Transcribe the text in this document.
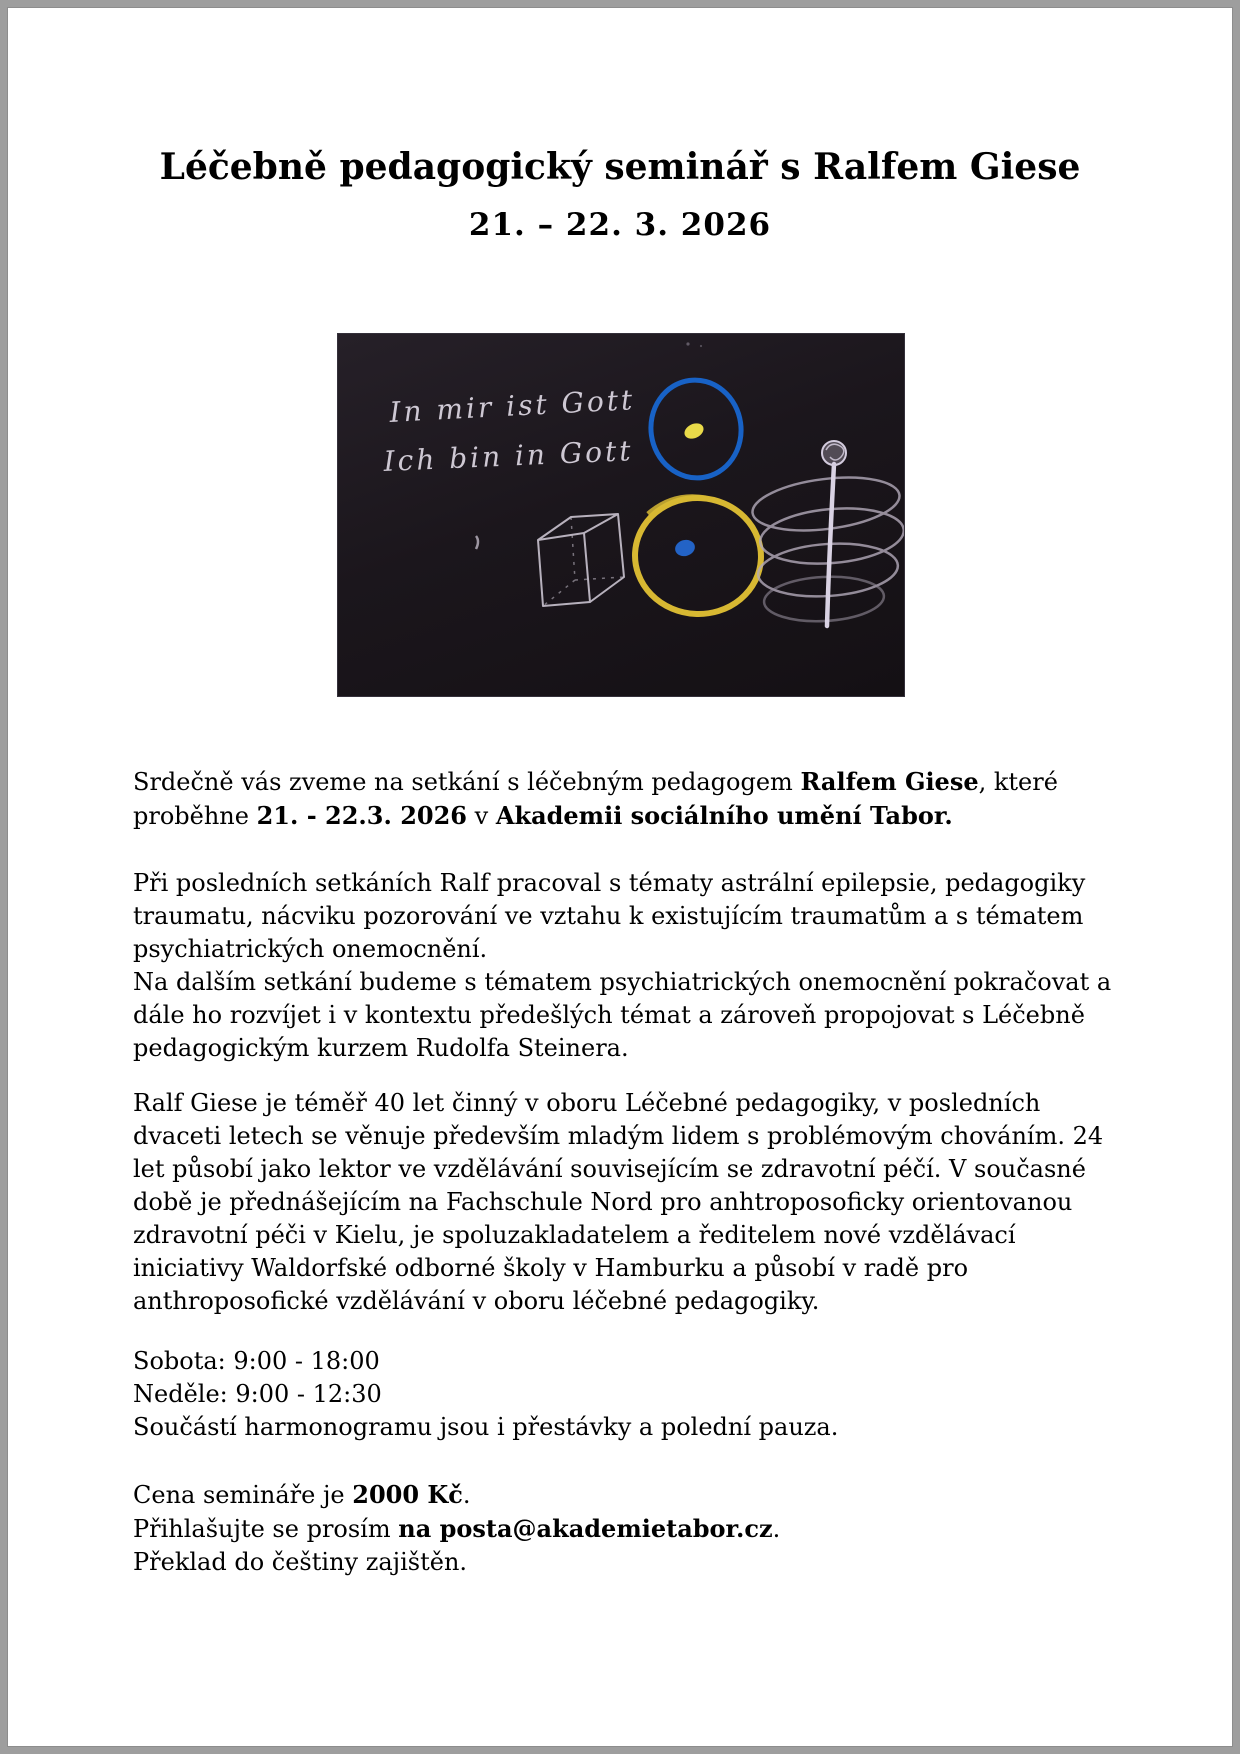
Léčebně pedagogický seminář s Ralfem Giese
21. – 22. 3. 2026
In mir ist Gott
Ich bin in Gott
Srdečně vás zveme na setkání s léčebným pedagogem Ralfem Giese, které proběhne 21. - 22.3. 2026 v Akademii sociálního umění Tabor.
Při posledních setkáních Ralf pracoval s tématy astrální epilepsie, pedagogiky traumatu, nácviku pozorování ve vztahu k existujícím traumatům a s tématem psychiatrických onemocnění.
Na dalším setkání budeme s tématem psychiatrických onemocnění pokračovat a dále ho rozvíjet i v kontextu předešlých témat a zároveň propojovat s Léčebně pedagogickým kurzem Rudolfa Steinera.
Ralf Giese je téměř 40 let činný v oboru Léčebné pedagogiky, v posledních dvaceti letech se věnuje především mladým lidem s problémovým chováním. 24 let působí jako lektor ve vzdělávání souvisejícím se zdravotní péčí. V současné době je přednášejícím na Fachschule Nord pro anhtroposoficky orientovanou zdravotní péči v Kielu, je spoluzakladatelem a ředitelem nové vzdělávací iniciativy Waldorfské odborné školy v Hamburku a působí v radě pro anthroposofické vzdělávání v oboru léčebné pedagogiky.
Sobota: 9:00 - 18:00
Neděle: 9:00 - 12:30
Součástí harmonogramu jsou i přestávky a polední pauza.
Cena semináře je 2000 Kč.
Přihlašujte se prosím na posta@akademietabor.cz.
Překlad do češtiny zajištěn.
